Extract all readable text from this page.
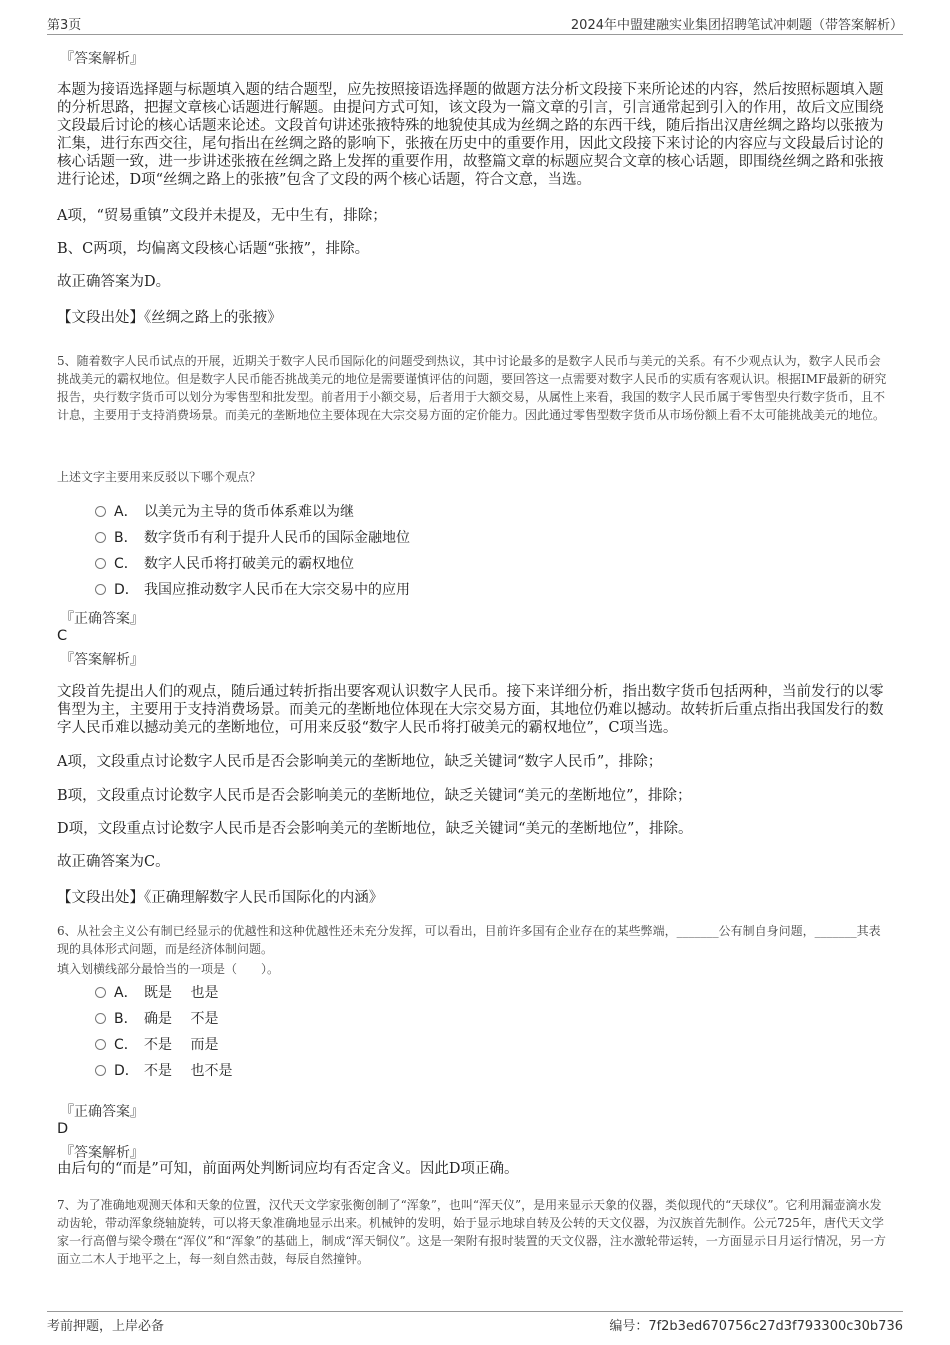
第3页	2024年中盟建融实业集团招聘笔试冲刺题（带答案解析）

『答案解析』

本题为接语选择题与标题填入题的结合题型，应先按照接语选择题的做题方法分析文段接下来所论述的内容，然后按照标题填入题的分析思路，把握文章核心话题进行解题。由提问方式可知，该文段为一篇文章的引言，引言通常起到引入的作用，故后文应围绕文段最后讨论的核心话题来论述。文段首句讲述张掖特殊的地貌使其成为丝绸之路的东西干线，随后指出汉唐丝绸之路均以张掖为汇集，进行东西交往，尾句指出在丝绸之路的影响下，张掖在历史中的重要作用，因此文段接下来讨论的内容应与文段最后讨论的核心话题一致，进一步讲述张掖在丝绸之路上发挥的重要作用，故整篇文章的标题应契合文章的核心话题，即围绕丝绸之路和张掖进行论述，D项“丝绸之路上的张掖”包含了文段的两个核心话题，符合文意，当选。

A项，“贸易重镇”文段并未提及，无中生有，排除；

B、C两项，均偏离文段核心话题“张掖”，排除。

故正确答案为D。

【文段出处】《丝绸之路上的张掖》

5、随着数字人民币试点的开展，近期关于数字人民币国际化的问题受到热议，其中讨论最多的是数字人民币与美元的关系。有不少观点认为，数字人民币会挑战美元的霸权地位。但是数字人民币能否挑战美元的地位是需要谨慎评估的问题，要回答这一点需要对数字人民币的实质有客观认识。根据IMF最新的研究报告，央行数字货币可以划分为零售型和批发型。前者用于小额交易，后者用于大额交易，从属性上来看，我国的数字人民币属于零售型央行数字货币，且不计息，主要用于支持消费场景。而美元的垄断地位主要体现在大宗交易方面的定价能力。因此通过零售型数字货币从市场份额上看不太可能挑战美元的地位。

上述文字主要用来反驳以下哪个观点？

A． 以美元为主导的货币体系难以为继
B． 数字货币有利于提升人民币的国际金融地位
C． 数字人民币将打破美元的霸权地位
D． 我国应推动数字人民币在大宗交易中的应用

『正确答案』

C

『答案解析』

文段首先提出人们的观点，随后通过转折指出要客观认识数字人民币。接下来详细分析，指出数字货币包括两种，当前发行的以零售型为主，主要用于支持消费场景。而美元的垄断地位体现在大宗交易方面，其地位仍难以撼动。故转折后重点指出我国发行的数字人民币难以撼动美元的垄断地位，可用来反驳“数字人民币将打破美元的霸权地位”，C项当选。

A项，文段重点讨论数字人民币是否会影响美元的垄断地位，缺乏关键词“数字人民币”，排除；

B项，文段重点讨论数字人民币是否会影响美元的垄断地位，缺乏关键词“美元的垄断地位”，排除；

D项，文段重点讨论数字人民币是否会影响美元的垄断地位，缺乏关键词“美元的垄断地位”，排除。

故正确答案为C。

【文段出处】《正确理解数字人民币国际化的内涵》

6、从社会主义公有制已经显示的优越性和这种优越性还未充分发挥，可以看出，目前许多国有企业存在的某些弊端，_______公有制自身问题，_______其表现的具体形式问题，而是经济体制问题。

填入划横线部分最恰当的一项是（　　）。

A． 既是　 也是
B． 确是　 不是
C． 不是　 而是
D． 不是　 也不是

『正确答案』

D

『答案解析』

由后句的“而是”可知，前面两处判断词应均有否定含义。因此D项正确。

7、为了准确地观测天体和天象的位置，汉代天文学家张衡创制了“浑象”，也叫“浑天仪”，是用来显示天象的仪器，类似现代的“天球仪”。它利用漏壶滴水发动齿轮，带动浑象绕轴旋转，可以将天象准确地显示出来。机械钟的发明，始于显示地球自转及公转的天文仪器，为汉族首先制作。公元725年，唐代天文学家一行高僧与梁令瓒在“浑仪”和“浑象”的基础上，制成“浑天铜仪”。这是一架附有报时装置的天文仪器，注水激轮带运转，一方面显示日月运行情况，另一方面立二木人于地平之上，每一刻自然击鼓，每辰自然撞钟。

考前押题，上岸必备	编号：7f2b3ed670756c27d3f793300c30b736
